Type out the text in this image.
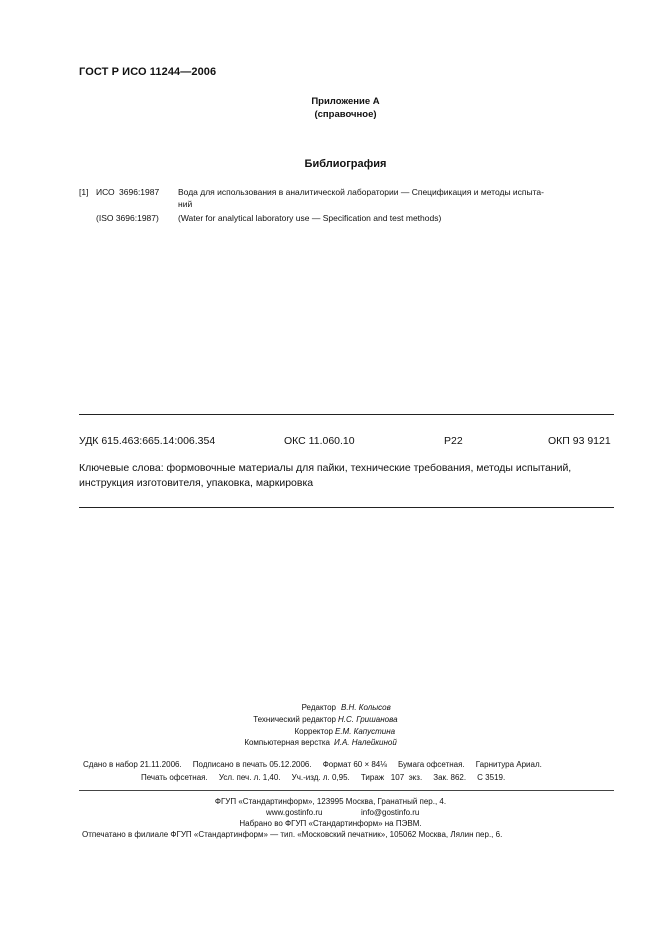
ГОСТ Р ИСО 11244—2006
Приложение А
(справочное)
Библиография
[1] ИСО 3696:1987 Вода для использования в аналитической лаборатории — Спецификация и методы испыта-
ний
(ISO 3696:1987) (Water for analytical laboratory use — Specification and test methods)
УДК 615.463:665.14:006.354	ОКС 11.060.10	Р22	ОКП 93 9121
Ключевые слова: формовочные материалы для пайки, технические требования, методы испытаний,
инструкция изготовителя, упаковка, маркировка
Редактор В.Н. Колысов
Технический редактор Н.С. Гришанова
Корректор Е.М. Капустина
Компьютерная верстка И.А. Налейкиной
Сдано в набор 21.11.2006.     Подписано в печать 05.12.2006.     Формат 60 × 84⅛     Бумага офсетная.     Гарнитура Ариал.
Печать офсетная.     Усл. печ. л. 1,40.     Уч.-изд. л. 0,95.     Тираж   107  экз.     Зак. 862.     С 3519.
ФГУП «Стандартинформ», 123995 Москва, Гранатный пер., 4.
www.gostinfo.ru	info@gostinfo.ru
Набрано во ФГУП «Стандартинформ» на ПЭВМ.
Отпечатано в филиале ФГУП «Стандартинформ» — тип. «Московский печатник», 105062 Москва, Лялин пер., 6.
